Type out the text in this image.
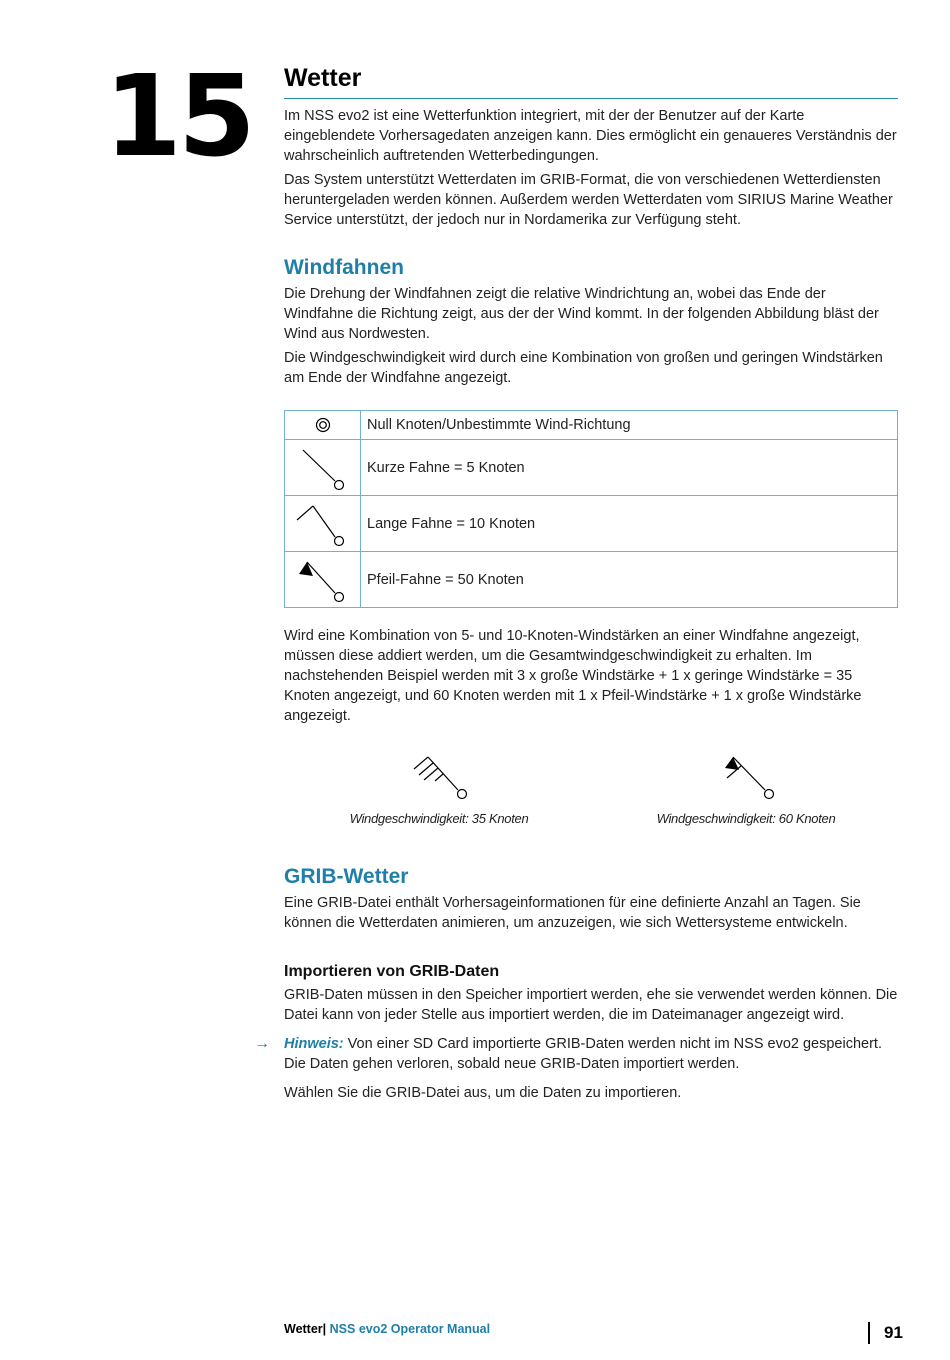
15 Wetter

Im NSS evo2 ist eine Wetterfunktion integriert, mit der der Benutzer auf der Karte eingeblendete Vorhersagedaten anzeigen kann. Dies ermöglicht ein genaueres Verständnis der wahrscheinlich auftretenden Wetterbedingungen.

Das System unterstützt Wetterdaten im GRIB-Format, die von verschiedenen Wetterdiensten heruntergeladen werden können. Außerdem werden Wetterdaten vom SIRIUS Marine Weather Service unterstützt, der jedoch nur in Nordamerika zur Verfügung steht.

Windfahnen

Die Drehung der Windfahnen zeigt die relative Windrichtung an, wobei das Ende der Windfahne die Richtung zeigt, aus der der Wind kommt. In der folgenden Abbildung bläst der Wind aus Nordwesten.

Die Windgeschwindigkeit wird durch eine Kombination von großen und geringen Windstärken am Ende der Windfahne angezeigt.

	Null Knoten/Unbestimmte Wind-Richtung

	Kurze Fahne = 5 Knoten

	Lange Fahne = 10 Knoten

	Pfeil-Fahne = 50 Knoten

Wird eine Kombination von 5- und 10-Knoten-Windstärken an einer Windfahne angezeigt, müssen diese addiert werden, um die Gesamtwindgeschwindigkeit zu erhalten. Im nachstehenden Beispiel werden mit 3 x große Windstärke + 1 x geringe Windstärke = 35 Knoten angezeigt, und 60 Knoten werden mit 1 x Pfeil-Windstärke + 1 x große Windstärke angezeigt.

Windgeschwindigkeit: 35 Knoten	Windgeschwindigkeit: 60 Knoten
GRIB-Wetter

Eine GRIB-Datei enthält Vorhersageinformationen für eine definierte Anzahl an Tagen. Sie können die Wetterdaten animieren, um anzuzeigen, wie sich Wettersysteme entwickeln.

Importieren von GRIB-Daten

GRIB-Daten müssen in den Speicher importiert werden, ehe sie verwendet werden können. Die Datei kann von jeder Stelle aus importiert werden, die im Dateimanager angezeigt wird.

→ Hinweis: Von einer SD Card importierte GRIB-Daten werden nicht im NSS evo2 gespeichert. Die Daten gehen verloren, sobald neue GRIB-Daten importiert werden.

Wählen Sie die GRIB-Datei aus, um die Daten zu importieren.

Wetter| NSS evo2 Operator Manual	91
